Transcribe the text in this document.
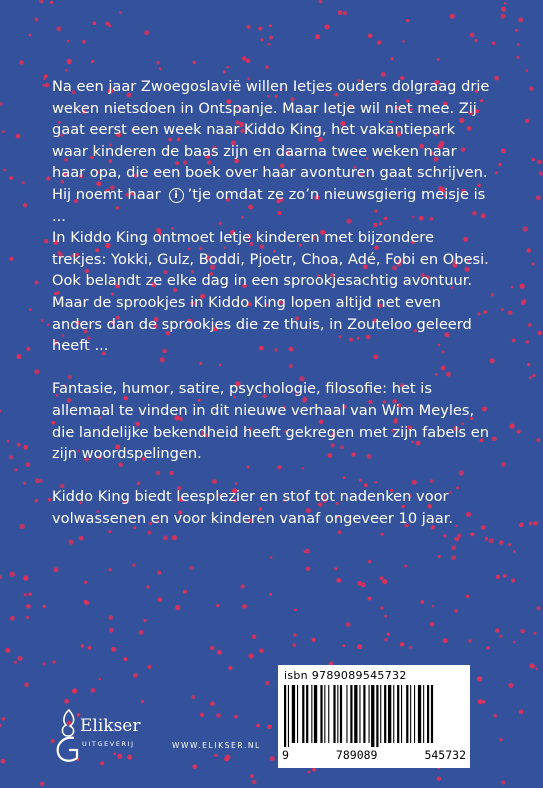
Na een jaar Zwoegoslavië willen Ietjes ouders dolgraag drie weken nietsdoen in Ontspanje. Maar Ietje wil niet mee. Zij gaat eerst een week naar Kiddo King, het vakantiepark waar kinderen de baas zijn en daarna twee weken naar haar opa, die een boek over haar avonturen gaat schrijven. Hij noemt haar i ’tje omdat ze zo’n nieuwsgierig meisje is ...

In Kiddo King ontmoet Ietje kinderen met bijzondere trekjes: Yokki, Gulz, Boddi, Pjoetr, Choa, Adé, Fobi en Obesi. Ook belandt ze elke dag in een sprookjesachtig avontuur. Maar de sprookjes in Kiddo King lopen altijd net even anders dan de sprookjes die ze thuis, in Zouteloo geleerd heeft ...

Fantasie, humor, satire, psychologie, filosofie: het is allemaal te vinden in dit nieuwe verhaal van Wim Meyles, die landelijke bekendheid heeft gekregen met zijn fabels en zijn woordspelingen.

Kiddo King biedt leesplezier en stof tot nadenken voor volwassenen en voor kinderen vanaf ongeveer 10 jaar.

Elikser
UITGEVERIJ	WWW.ELIKSER.NL
isbn 9789089545732
9	789089	545732
